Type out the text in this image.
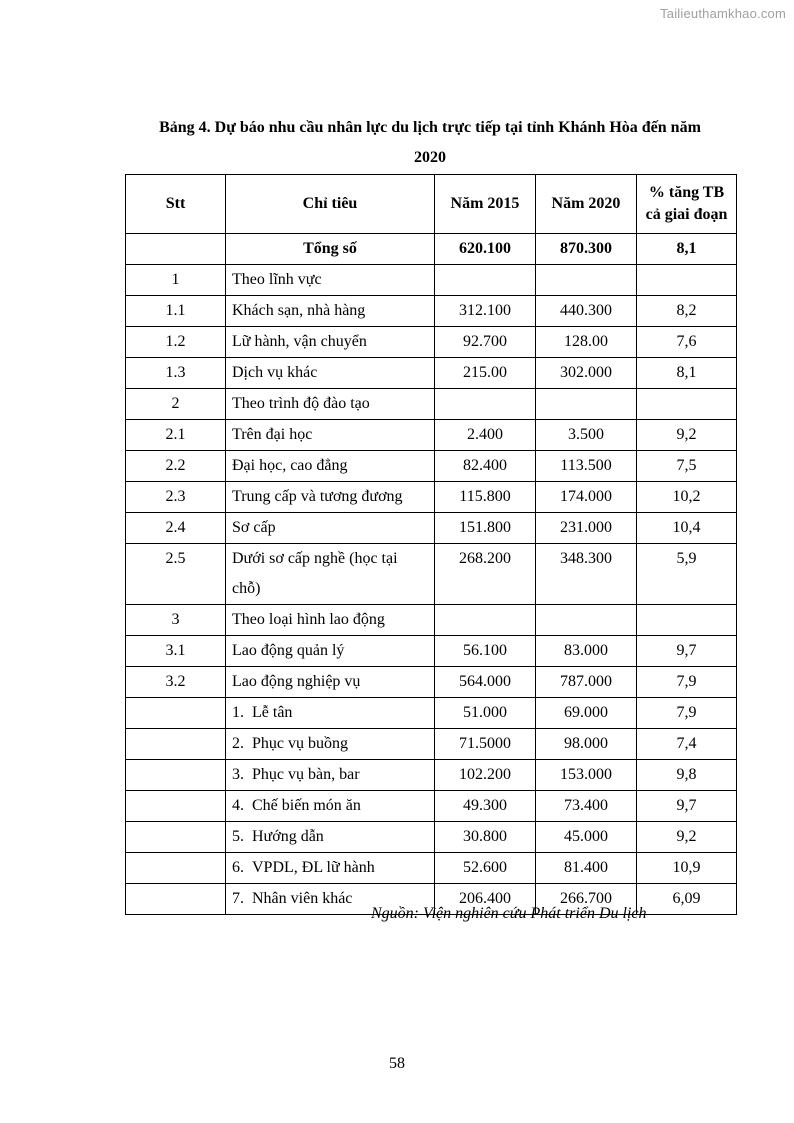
Tailieuthamkhao.com
Bảng 4. Dự báo nhu cầu nhân lực du lịch trực tiếp tại tỉnh Khánh Hòa đến năm
2020
Stt	Chỉ tiêu	Năm 2015	Năm 2020	% tăng TB
cả giai đoạn

	Tổng số	620.100	870.300	8,1
1	Theo lĩnh vực			
1.1	Khách sạn, nhà hàng	312.100	440.300	8,2
1.2	Lữ hành, vận chuyển	92.700	128.00	7,6
1.3	Dịch vụ khác	215.00	302.000	8,1
2	Theo trình độ đào tạo			
2.1	Trên đại học	2.400	3.500	9,2
2.2	Đại học, cao đẳng	82.400	113.500	7,5
2.3	Trung cấp và tương đương	115.800	174.000	10,2
2.4	Sơ cấp	151.800	231.000	10,4
2.5	Dưới sơ cấp nghề (học tại
chỗ)	268.200	348.300	5,9
3	Theo loại hình lao động			
3.1	Lao động quản lý	56.100	83.000	9,7
3.2	Lao động nghiệp vụ	564.000	787.000	7,9
	1. Lễ tân	51.000	69.000	7,9
	2. Phục vụ buồng	71.5000	98.000	7,4
	3. Phục vụ bàn, bar	102.200	153.000	9,8
	4. Chế biến món ăn	49.300	73.400	9,7
	5. Hướng dẫn	30.800	45.000	9,2
	6. VPDL, ĐL lữ hành	52.600	81.400	10,9
	7. Nhân viên khác	206.400	266.700	6,09
Nguồn: Viện nghiên cứu Phát triển Du lịch
58
